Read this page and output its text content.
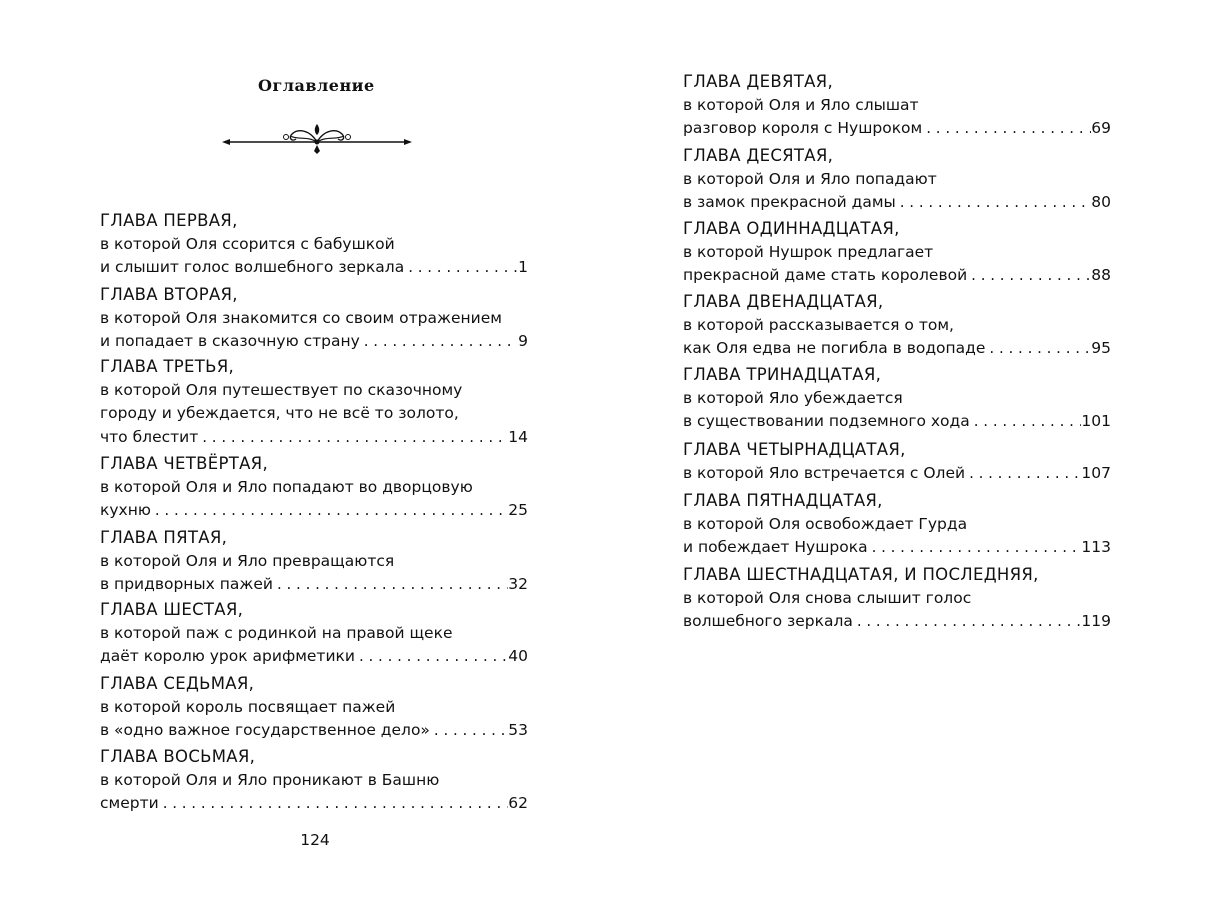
Оглавление
ГЛАВА ПЕРВАЯ,
в которой Оля ссорится с бабушкой
и слышит голос волшебного зеркала . . .	1
ГЛАВА ВТОРАЯ,
в которой Оля знакомится со своим отражением
и попадает в сказочную страну . . .	9
ГЛАВА ТРЕТЬЯ,
в которой Оля путешествует по сказочному
городу и убеждается, что не всё то золото,
что блестит . . .	14
ГЛАВА ЧЕТВЁРТАЯ,
в которой Оля и Яло попадают во дворцовую
кухню . . .	25
ГЛАВА ПЯТАЯ,
в которой Оля и Яло превращаются
в придворных пажей . . .	32
ГЛАВА ШЕСТАЯ,
в которой паж с родинкой на правой щеке
даёт королю урок арифметики . . .	40
ГЛАВА СЕДЬМАЯ,
в которой король посвящает пажей
в «одно важное государственное дело» . . .	53
ГЛАВА ВОСЬМАЯ,
в которой Оля и Яло проникают в Башню
смерти . . .	62
124
ГЛАВА ДЕВЯТАЯ,
в которой Оля и Яло слышат
разговор короля с Нушроком . . .	69
ГЛАВА ДЕСЯТАЯ,
в которой Оля и Яло попадают
в замок прекрасной дамы . . .	80
ГЛАВА ОДИННАДЦАТАЯ,
в которой Нушрок предлагает
прекрасной даме стать королевой . . .	88
ГЛАВА ДВЕНАДЦАТАЯ,
в которой рассказывается о том,
как Оля едва не погибла в водопаде . . .	95
ГЛАВА ТРИНАДЦАТАЯ,
в которой Яло убеждается
в существовании подземного хода . . .	101
ГЛАВА ЧЕТЫРНАДЦАТАЯ,
в которой Яло встречается с Олей . . .	107
ГЛАВА ПЯТНАДЦАТАЯ,
в которой Оля освобождает Гурда
и побеждает Нушрока . . .	113
ГЛАВА ШЕСТНАДЦАТАЯ, И ПОСЛЕДНЯЯ,
в которой Оля снова слышит голос
волшебного зеркала . . .	119
